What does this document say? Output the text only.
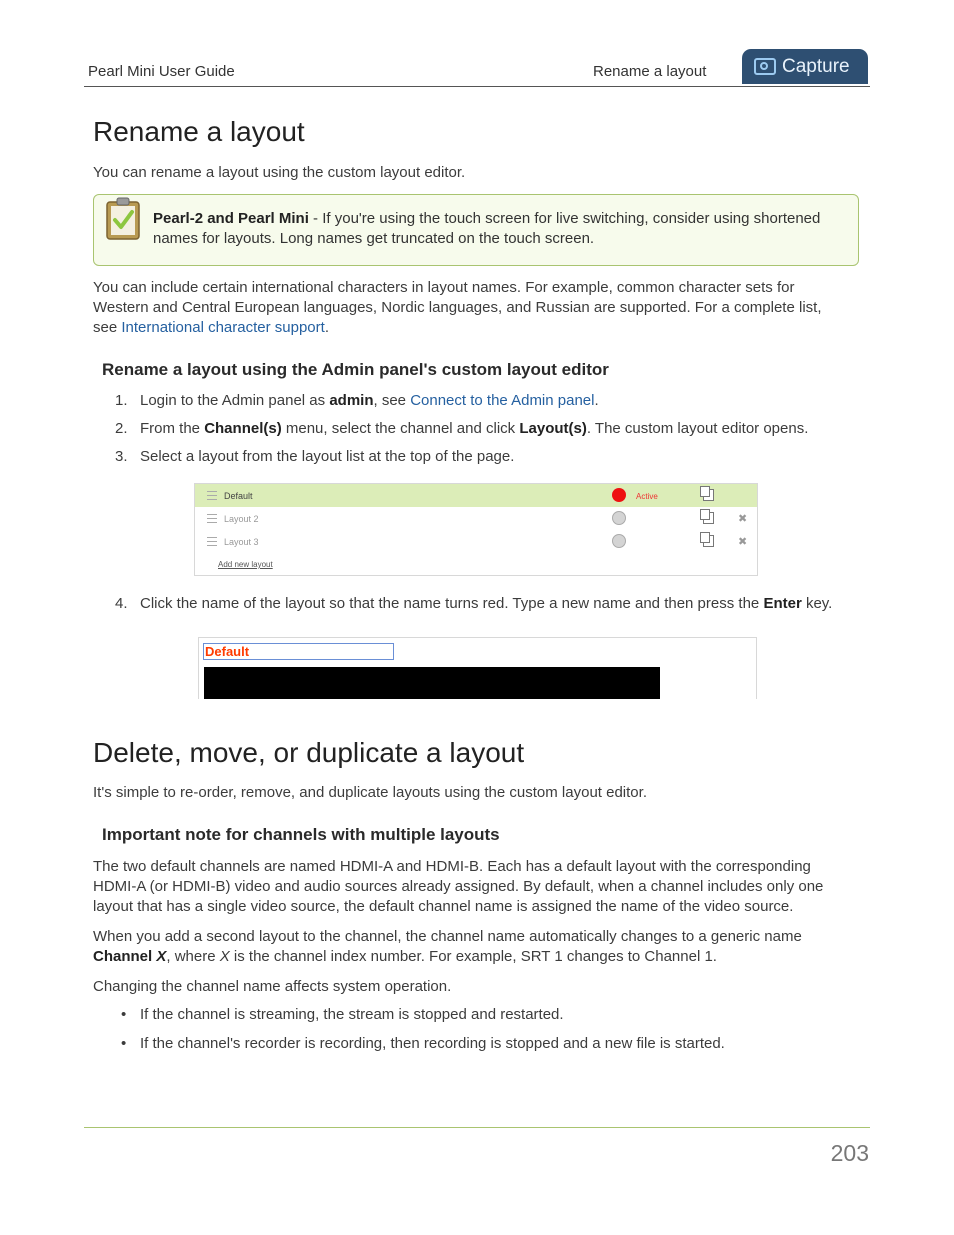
Pearl Mini User Guide	Rename a layout	Capture
Rename a layout

You can rename a layout using the custom layout editor.

Pearl-2 and Pearl Mini - If you're using the touch screen for live switching, consider using shortened
names for layouts. Long names get truncated on the touch screen.

You can include certain international characters in layout names. For example, common character sets for
Western and Central European languages, Nordic languages, and Russian are supported. For a complete list,
see International character support.

Rename a layout using the Admin panel's custom layout editor
1. Login to the Admin panel as admin, see Connect to the Admin panel.
2. From the Channel(s) menu, select the channel and click Layout(s). The custom layout editor opens.
3. Select a layout from the layout list at the top of the page.
Default	Active
Layout 2	✖
Layout 3	✖
Add new layout
4. Click the name of the layout so that the name turns red. Type a new name and then press the Enter key.
Default
Delete, move, or duplicate a layout

It's simple to re-order, remove, and duplicate layouts using the custom layout editor.

Important note for channels with multiple layouts

The two default channels are named HDMI-A and HDMI-B. Each has a default layout with the corresponding
HDMI-A (or HDMI-B) video and audio sources already assigned. By default, when a channel includes only one
layout that has a single video source, the default channel name is assigned the name of the video source.

When you add a second layout to the channel, the channel name automatically changes to a generic name
Channel X, where X is the channel index number. For example, SRT 1 changes to Channel 1.

Changing the channel name affects system operation.

• If the channel is streaming, the stream is stopped and restarted.
• If the channel's recorder is recording, then recording is stopped and a new file is started.
203
